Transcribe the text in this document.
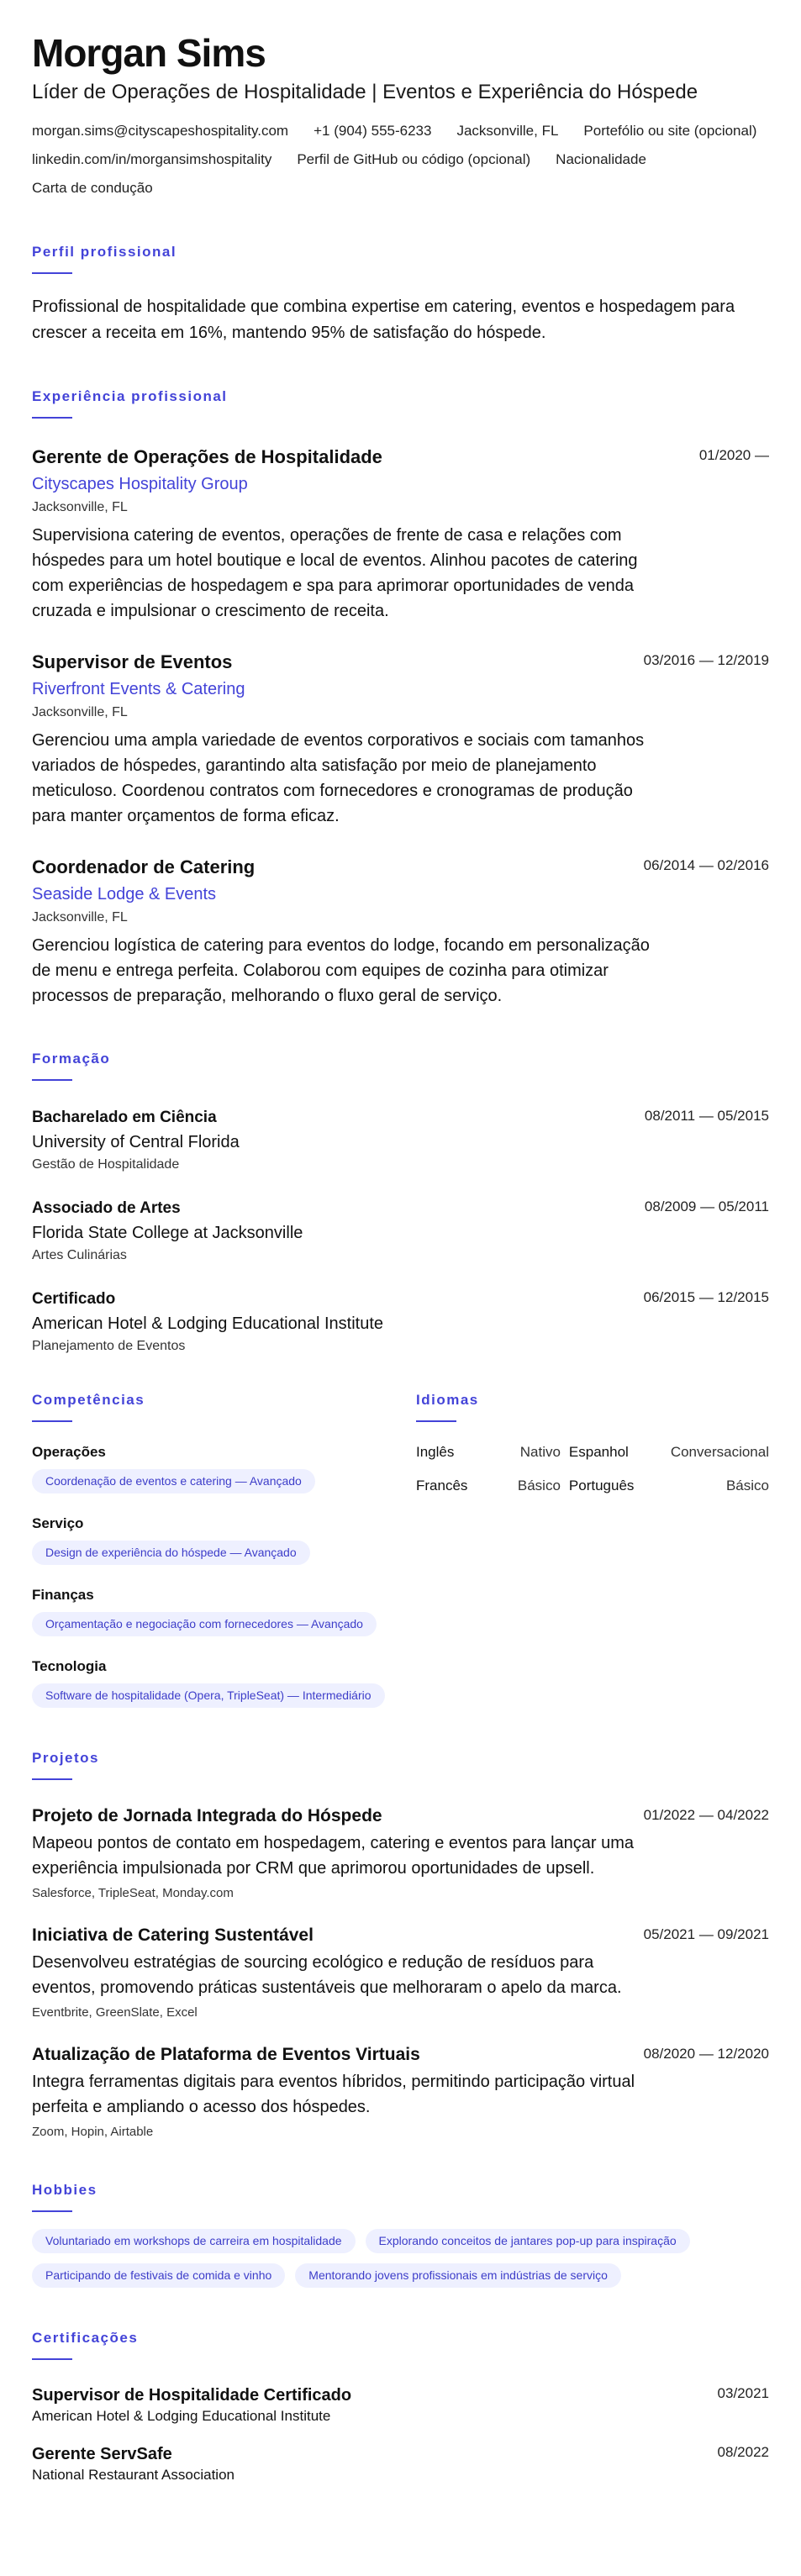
Morgan Sims
Líder de Operações de Hospitalidade | Eventos e Experiência do Hóspede
morgan.sims@cityscapeshospitality.com +1 (904) 555-6233 Jacksonville, FL Portefólio ou site (opcional)
linkedin.com/in/morgansimshospitality Perfil de GitHub ou código (opcional) Nacionalidade
Carta de condução
Perfil profissional
Profissional de hospitalidade que combina expertise em catering, eventos e hospedagem para crescer a receita em 16%, mantendo 95% de satisfação do hóspede.
Experiência profissional
Gerente de Operações de Hospitalidade	01/2020 —
Cityscapes Hospitality Group
Jacksonville, FL
Supervisiona catering de eventos, operações de frente de casa e relações com hóspedes para um hotel boutique e local de eventos. Alinhou pacotes de catering com experiências de hospedagem e spa para aprimorar oportunidades de venda cruzada e impulsionar o crescimento de receita.
Supervisor de Eventos	03/2016 — 12/2019
Riverfront Events & Catering
Jacksonville, FL
Gerenciou uma ampla variedade de eventos corporativos e sociais com tamanhos variados de hóspedes, garantindo alta satisfação por meio de planejamento meticuloso. Coordenou contratos com fornecedores e cronogramas de produção para manter orçamentos de forma eficaz.
Coordenador de Catering	06/2014 — 02/2016
Seaside Lodge & Events
Jacksonville, FL
Gerenciou logística de catering para eventos do lodge, focando em personalização de menu e entrega perfeita. Colaborou com equipes de cozinha para otimizar processos de preparação, melhorando o fluxo geral de serviço.
Formação
Bacharelado em Ciência	08/2011 — 05/2015
University of Central Florida
Gestão de Hospitalidade
Associado de Artes	08/2009 — 05/2011
Florida State College at Jacksonville
Artes Culinárias
Certificado	06/2015 — 12/2015
American Hotel & Lodging Educational Institute
Planejamento de Eventos
Competências
Operações
Coordenação de eventos e catering — Avançado
Serviço
Design de experiência do hóspede — Avançado
Finanças
Orçamentação e negociação com fornecedores — Avançado
Tecnologia
Software de hospitalidade (Opera, TripleSeat) — Intermediário
Idiomas
Inglês	Nativo Espanhol	Conversacional
Francês	Básico Português	Básico
Projetos
Projeto de Jornada Integrada do Hóspede	01/2022 — 04/2022
Mapeou pontos de contato em hospedagem, catering e eventos para lançar uma experiência impulsionada por CRM que aprimorou oportunidades de upsell.
Salesforce, TripleSeat, Monday.com
Iniciativa de Catering Sustentável	05/2021 — 09/2021
Desenvolveu estratégias de sourcing ecológico e redução de resíduos para eventos, promovendo práticas sustentáveis que melhoraram o apelo da marca.
Eventbrite, GreenSlate, Excel
Atualização de Plataforma de Eventos Virtuais	08/2020 — 12/2020
Integra ferramentas digitais para eventos híbridos, permitindo participação virtual perfeita e ampliando o acesso dos hóspedes.
Zoom, Hopin, Airtable
Hobbies
Voluntariado em workshops de carreira em hospitalidade	Explorando conceitos de jantares pop-up para inspiração
Participando de festivais de comida e vinho	Mentorando jovens profissionais em indústrias de serviço
Certificações
Supervisor de Hospitalidade Certificado	03/2021
American Hotel & Lodging Educational Institute
Gerente ServSafe	08/2022
National Restaurant Association
